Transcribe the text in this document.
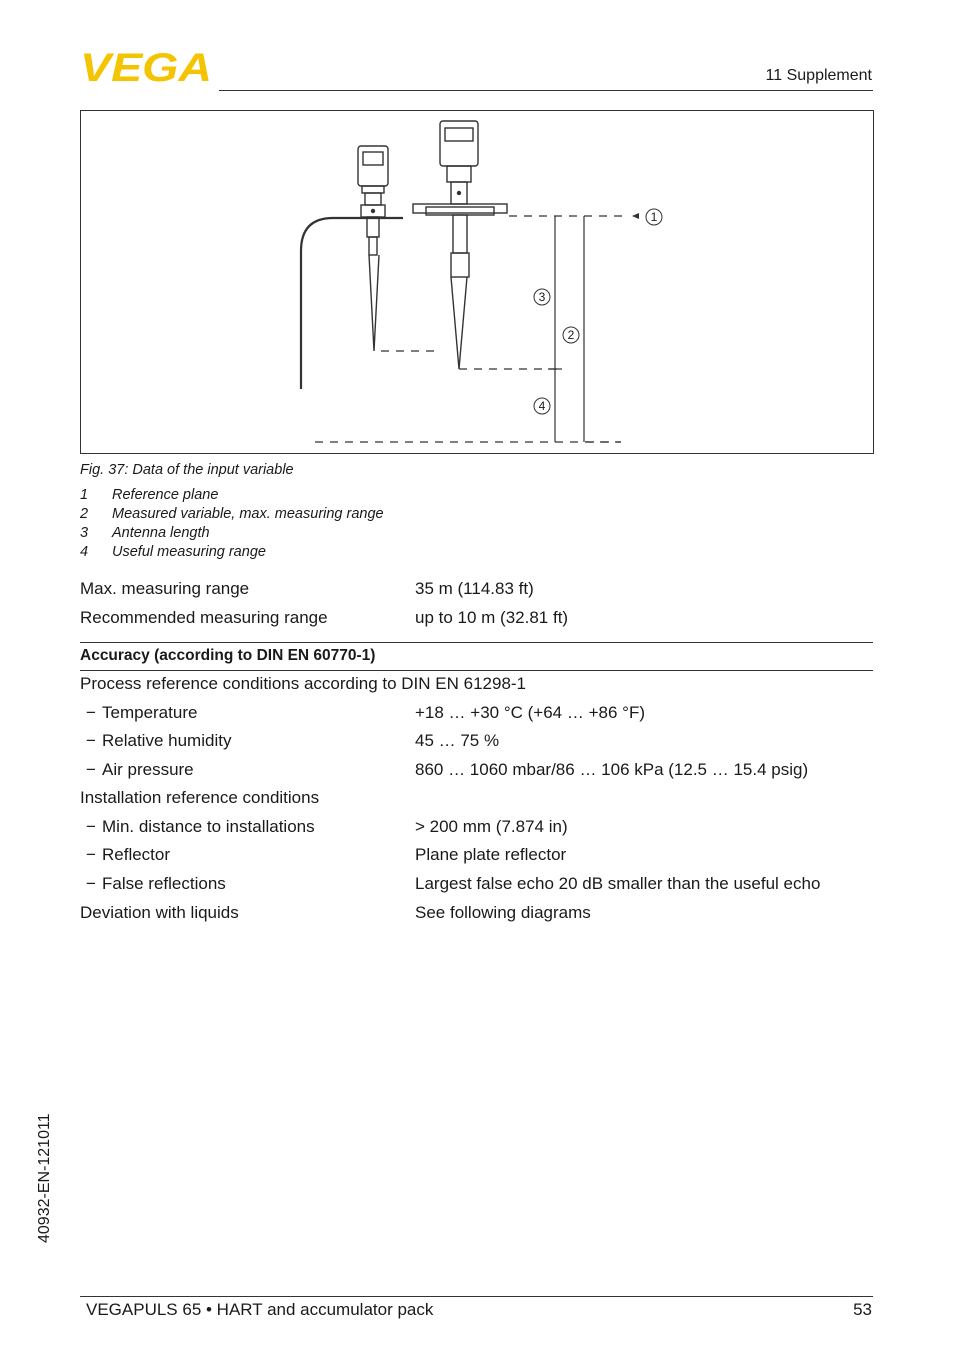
VEGA	11 Supplement
1
2
3
4
Fig. 37: Data of the input variable
1	Reference plane
2	Measured variable, max. measuring range
3	Antenna length
4	Useful measuring range
Max. measuring range	35 m (114.83 ft)
Recommended measuring range	up to 10 m (32.81 ft)
Accuracy (according to DIN EN 60770-1)
Process reference conditions according to DIN EN 61298-1
− Temperature	+18 … +30 °C (+64 … +86 °F)
− Relative humidity	45 … 75 %
− Air pressure	860 … 1060 mbar/86 … 106 kPa (12.5 … 15.4 psig)
Installation reference conditions
− Min. distance to installations	> 200 mm (7.874 in)
− Reflector	Plane plate reflector
− False reflections	Largest false echo 20 dB smaller than the useful echo
Deviation with liquids	See following diagrams
40932-EN-121011
VEGAPULS 65 • HART and accumulator pack	53
